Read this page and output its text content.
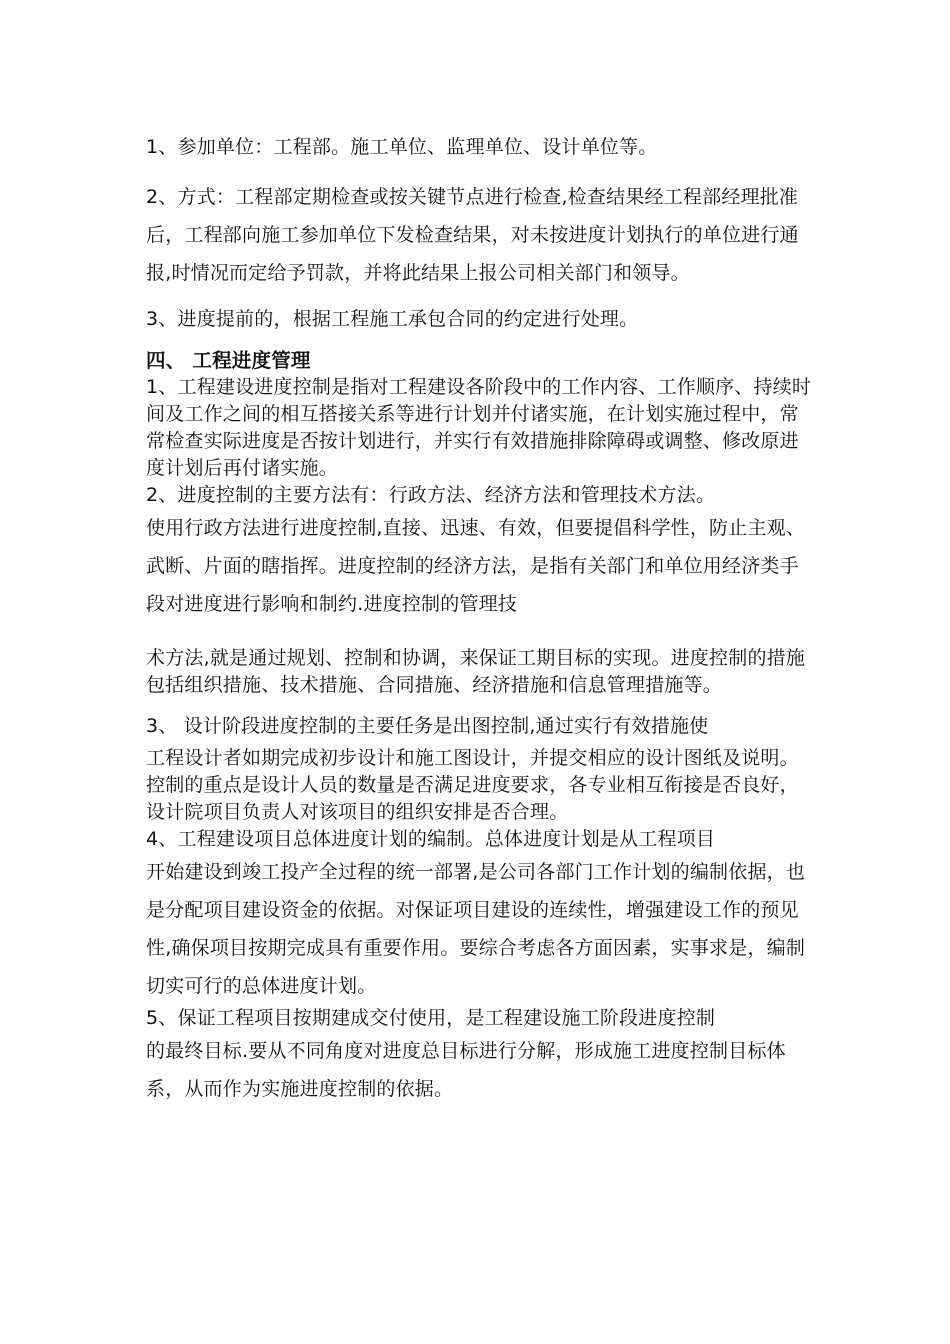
1、参加单位：工程部。施工单位、监理单位、设计单位等。

2、方式：工程部定期检查或按关键节点进行检查,检查结果经工程部经理批准后，工程部向施工参加单位下发检查结果，对未按进度计划执行的单位进行通报,时情况而定给予罚款，并将此结果上报公司相关部门和领导。

3、进度提前的，根据工程施工承包合同的约定进行处理。

四、 工程进度管理

1、工程建设进度控制是指对工程建设各阶段中的工作内容、工作顺序、持续时间及工作之间的相互搭接关系等进行计划并付诸实施，在计划实施过程中，常常检查实际进度是否按计划进行，并实行有效措施排除障碍或调整、修改原进度计划后再付诸实施。

2、进度控制的主要方法有：行政方法、经济方法和管理技术方法。

使用行政方法进行进度控制,直接、迅速、有效，但要提倡科学性，防止主观、武断、片面的瞎指挥。进度控制的经济方法，是指有关部门和单位用经济类手段对进度进行影响和制约.进度控制的管理技

术方法,就是通过规划、控制和协调，来保证工期目标的实现。进度控制的措施包括组织措施、技术措施、合同措施、经济措施和信息管理措施等。

3、 设计阶段进度控制的主要任务是出图控制,通过实行有效措施使

工程设计者如期完成初步设计和施工图设计，并提交相应的设计图纸及说明。控制的重点是设计人员的数量是否满足进度要求，各专业相互衔接是否良好，设计院项目负责人对该项目的组织安排是否合理。

4、工程建设项目总体进度计划的编制。总体进度计划是从工程项目

开始建设到竣工投产全过程的统一部署,是公司各部门工作计划的编制依据，也是分配项目建设资金的依据。对保证项目建设的连续性，增强建设工作的预见性,确保项目按期完成具有重要作用。要综合考虑各方面因素，实事求是，编制切实可行的总体进度计划。

5、保证工程项目按期建成交付使用，是工程建设施工阶段进度控制

的最终目标.要从不同角度对进度总目标进行分解，形成施工进度控制目标体系，从而作为实施进度控制的依据。
